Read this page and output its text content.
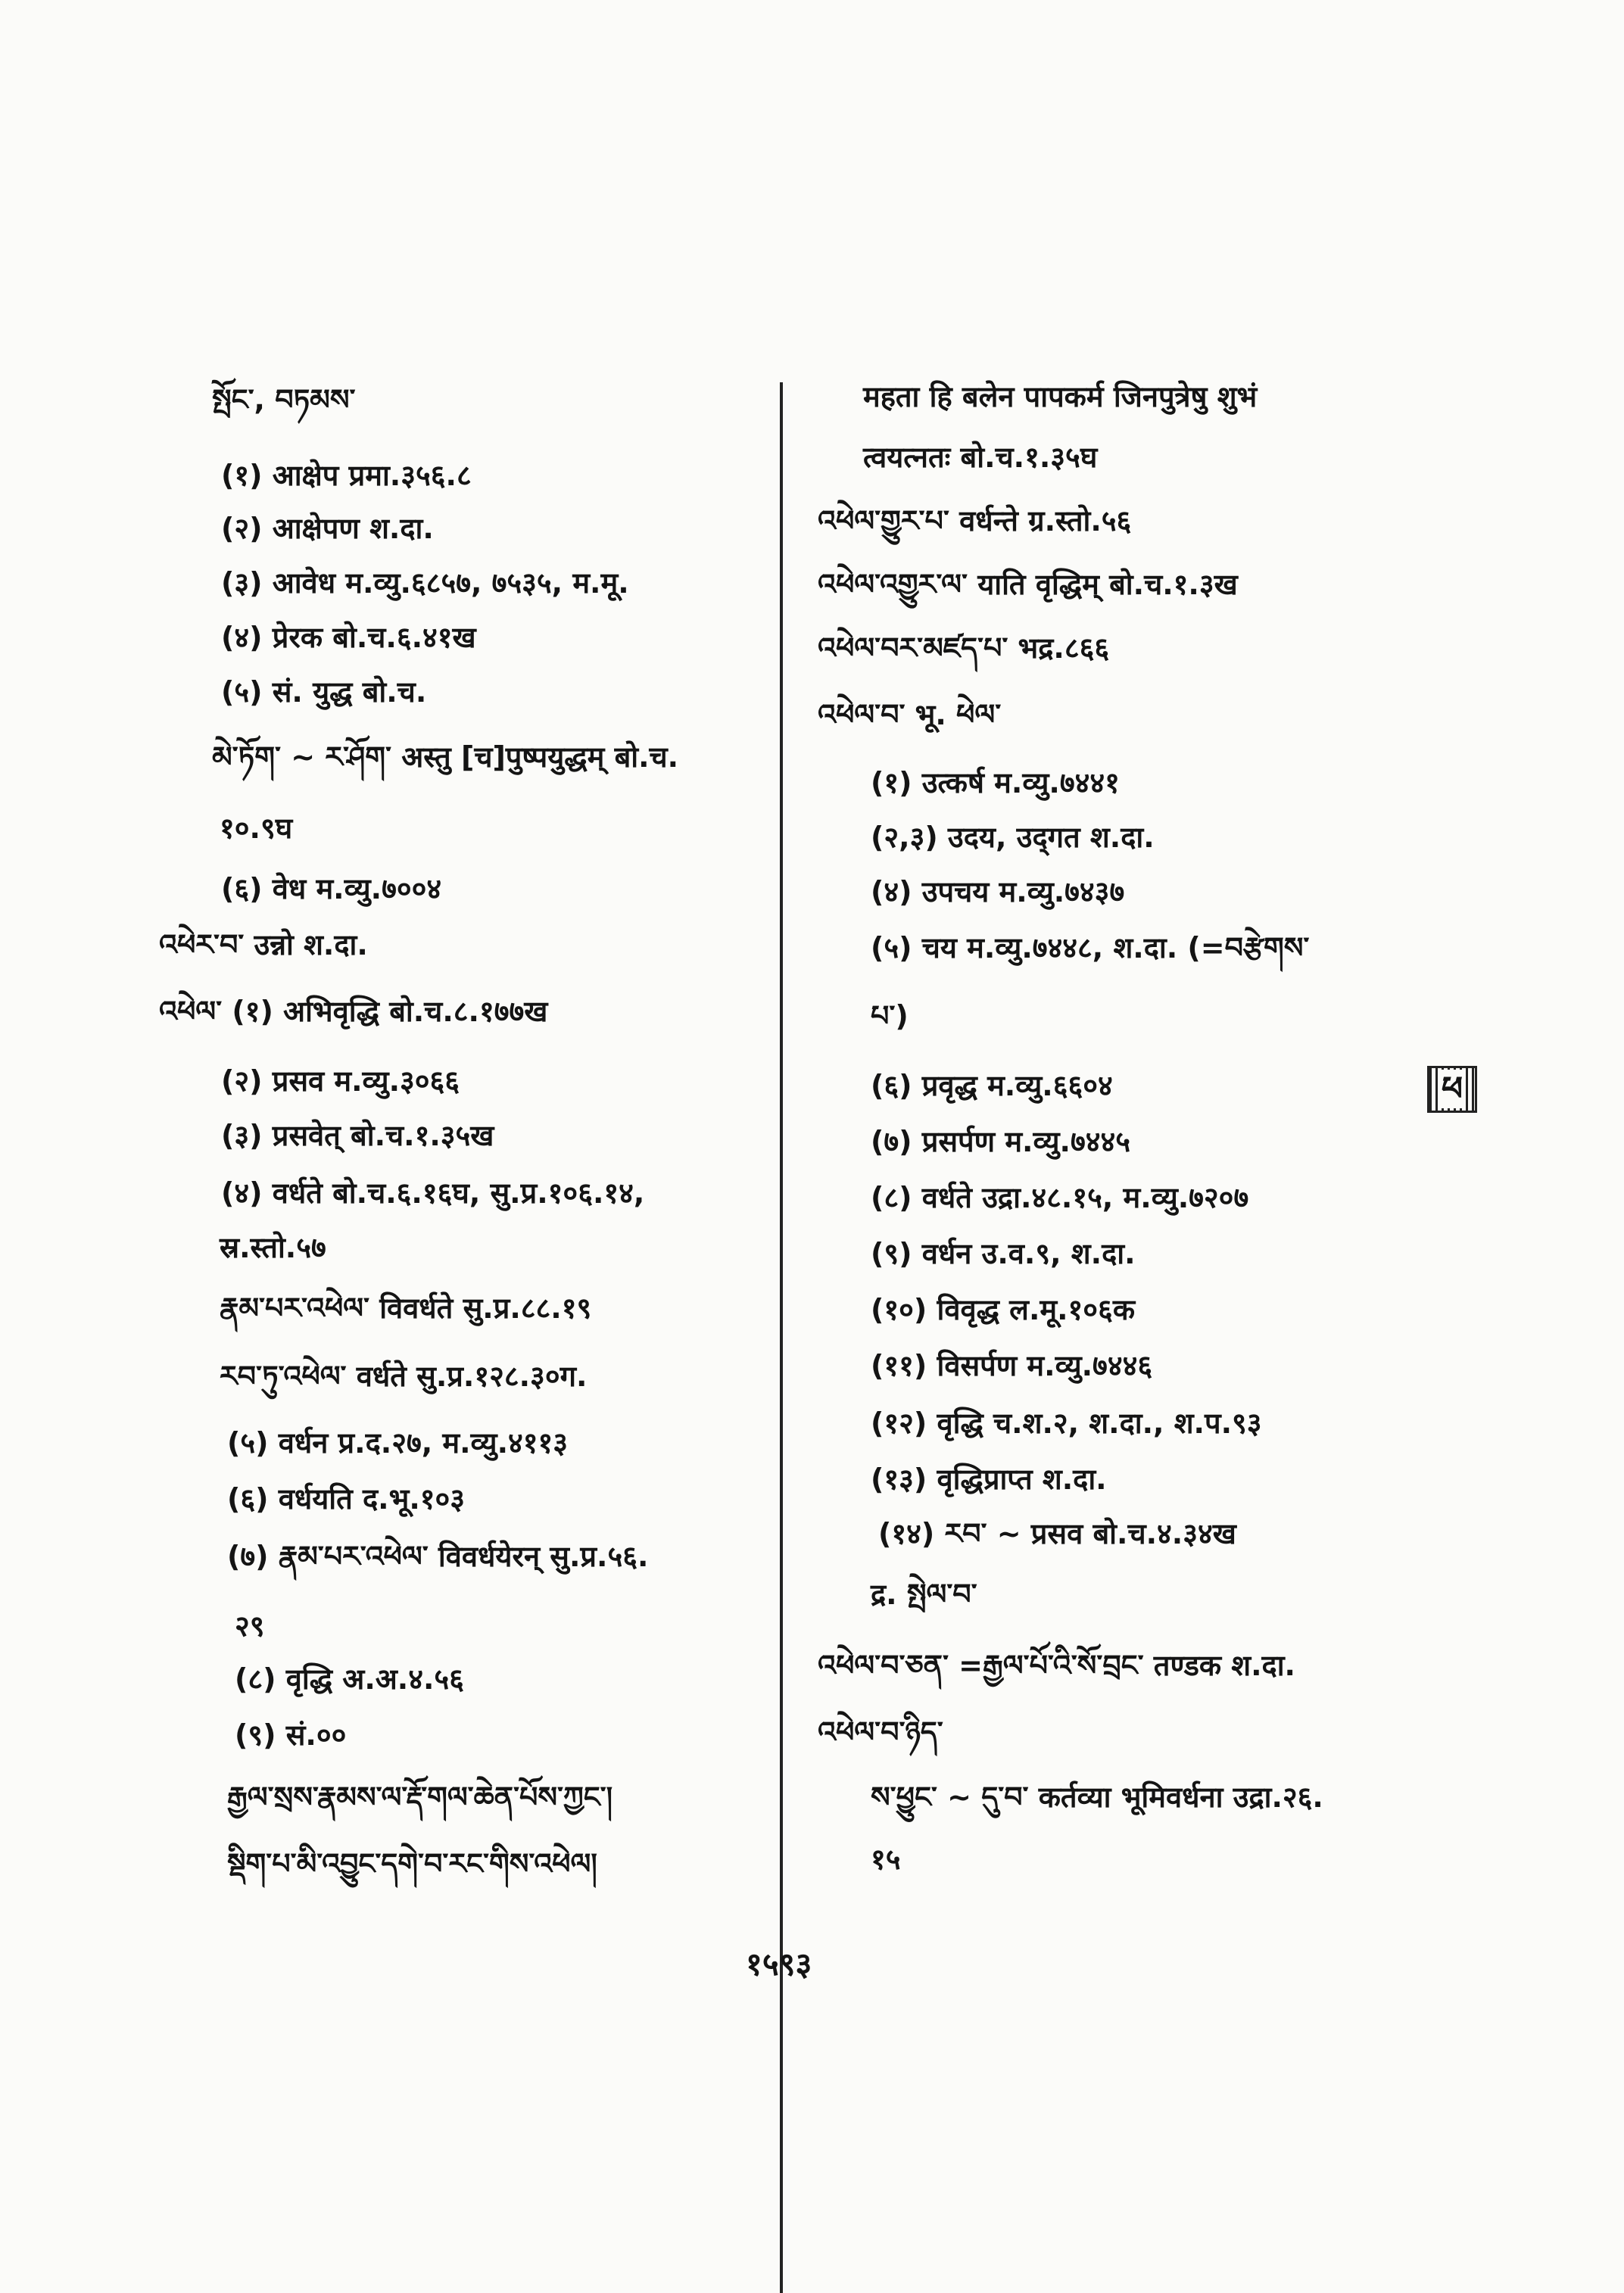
སྤོང་, བཏམས་
(१) आक्षेप प्रमा.३५६.८
(२) आक्षेपण श.दा.
(३) आवेध म.व्यु.६८५७, ७५३५, म.मू.
(४) प्रेरक बो.च.६.४१ख
(५) सं. युद्ध बो.च.
མེ་ཏོག་ ~ ར་ཤོག་ अस्तु [च]पुष्पयुद्धम् बो.च.
१०.९घ
(६) वेध म.व्यु.७००४
འཕེར་བ་ उन्नो श.दा.
འཕེལ་ (१) अभिवृद्धि बो.च.८.१७७ख
(२) प्रसव म.व्यु.३०६६
(३) प्रसवेत् बो.च.१.३५ख
(४) वर्धते बो.च.६.१६घ, सु.प्र.१०६.१४,
स्र.स्तो.५७
རྣམ་པར་འཕེལ་ विवर्धते सु.प्र.८८.१९
རབ་ཏུ་འཕེལ་ वर्धते सु.प्र.१२८.३०ग.
(५) वर्धन प्र.द.२७, म.व्यु.४११३
(६) वर्धयति द.भू.१०३
(७) རྣམ་པར་འཕེལ་ विवर्धयेरन् सु.प्र.५६.
२९
(८) वृद्धि अ.अ.४.५६
(९) सं.००
རྒྱལ་སྲས་རྣམས་ལ་རྡོ་གལ་ཆེན་པོས་ཀྱང་།
སྡིག་པ་མི་འབྱུང་དགེ་བ་རང་གིས་འཕེལ།
महता हि बलेन पापकर्म जिनपुत्रेषु शुभं
त्वयत्नतः बो.च.१.३५घ
འཕེལ་གྱུར་པ་ वर्धन्ते ग्र.स्तो.५६
འཕེལ་འགྱུར་ལ་ याति वृद्धिम् बो.च.१.३ख
འཕེལ་བར་མཛད་པ་ भद्र.८६६
འཕེལ་བ་ भू. ཕེལ་
(१) उत्कर्ष म.व्यु.७४४१
(२,३) उदय, उद्‌गत श.दा.
(४) उपचय म.व्यु.७४३७
(५) चय म.व्यु.७४४८, श.दा. (=བརྩེགས་
པ་)
(६) प्रवृद्ध म.व्यु.६६०४
(७) प्रसर्पण म.व्यु.७४४५
(८) वर्धते उद्रा.४८.१५, म.व्यु.७२०७
(९) वर्धन उ.व.९, श.दा.
(१०) विवृद्ध ल.मू.१०६क
(११) विसर्पण म.व्यु.७४४६
(१२) वृद्धि च.श.२, श.दा., श.प.९३
(१३) वृद्धिप्राप्त श.दा.
(१४) རབ་ ~ प्रसव बो.च.४.३४ख
द्र. སྤེལ་བ་
འཕེལ་བ་ཅན་ =རྒྱལ་པོ་འི་སོ་བྲང་ तण्डक श.दा.
འཕེལ་བ་ཉིད་
ས་ཕྱུང་ ~ དུ་བ་ कर्तव्या भूमिवर्धना उद्रा.२६.
१५
ཕ
१५९३
